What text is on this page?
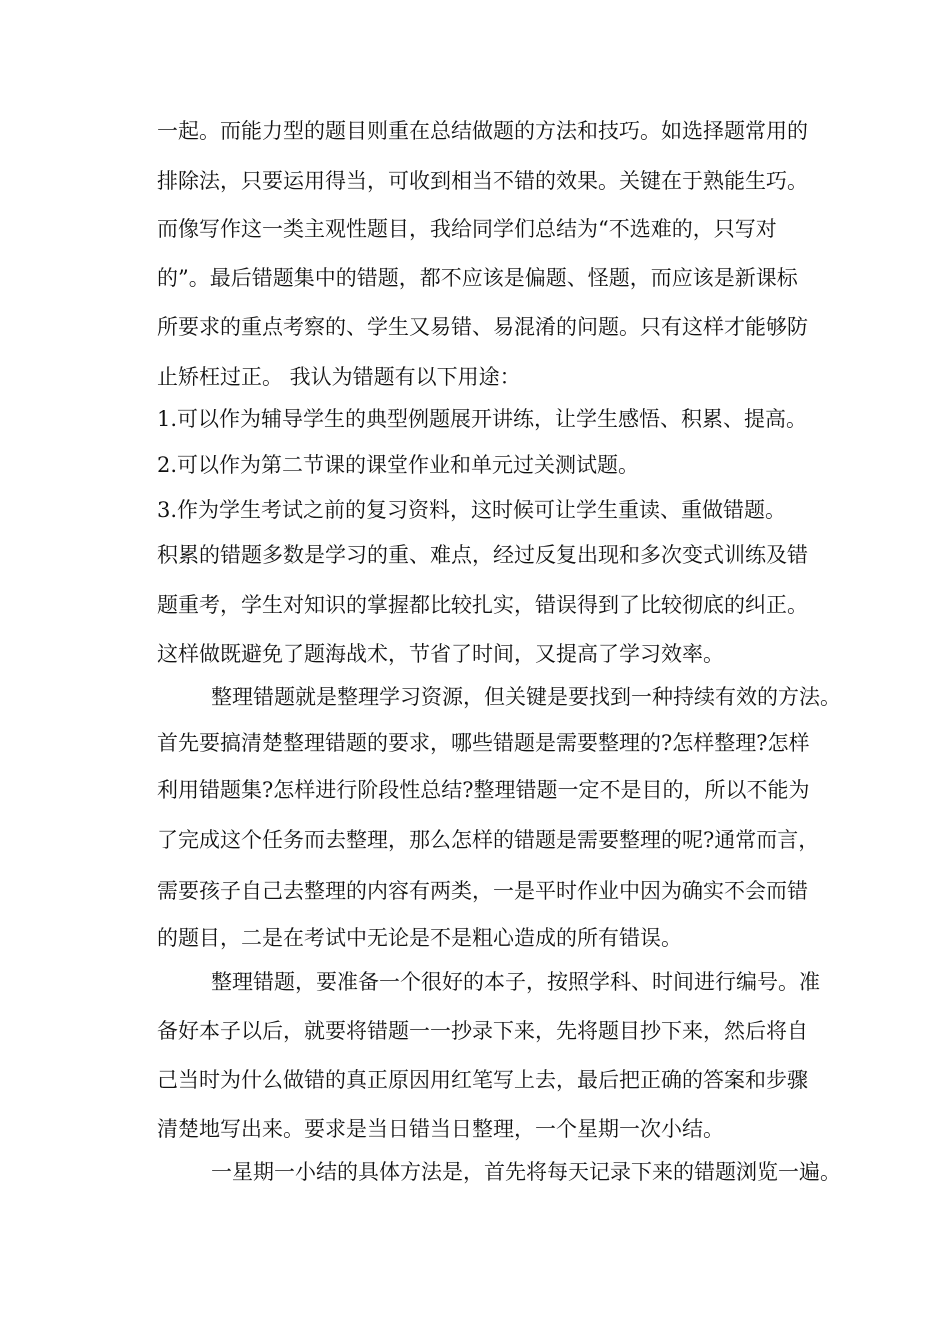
一起。而能力型的题目则重在总结做题的方法和技巧。如选择题常用的
排除法，只要运用得当，可收到相当不错的效果。关键在于熟能生巧。
而像写作这一类主观性题目，我给同学们总结为“不选难的，只写对
的”。最后错题集中的错题，都不应该是偏题、怪题，而应该是新课标
所要求的重点考察的、学生又易错、易混淆的问题。只有这样才能够防
止矫枉过正。 我认为错题有以下用途：
1.可以作为辅导学生的典型例题展开讲练，让学生感悟、积累、提高。
2.可以作为第二节课的课堂作业和单元过关测试题。
3.作为学生考试之前的复习资料，这时候可让学生重读、重做错题。
积累的错题多数是学习的重、难点，经过反复出现和多次变式训练及错
题重考，学生对知识的掌握都比较扎实，错误得到了比较彻底的纠正。
这样做既避免了题海战术，节省了时间，又提高了学习效率。
整理错题就是整理学习资源，但关键是要找到一种持续有效的方法。
首先要搞清楚整理错题的要求，哪些错题是需要整理的?怎样整理?怎样
利用错题集?怎样进行阶段性总结?整理错题一定不是目的，所以不能为
了完成这个任务而去整理，那么怎样的错题是需要整理的呢?通常而言，
需要孩子自己去整理的内容有两类，一是平时作业中因为确实不会而错
的题目，二是在考试中无论是不是粗心造成的所有错误。
整理错题，要准备一个很好的本子，按照学科、时间进行编号。准
备好本子以后，就要将错题一一抄录下来，先将题目抄下来，然后将自
己当时为什么做错的真正原因用红笔写上去，最后把正确的答案和步骤
清楚地写出来。要求是当日错当日整理，一个星期一次小结。
一星期一小结的具体方法是，首先将每天记录下来的错题浏览一遍。
